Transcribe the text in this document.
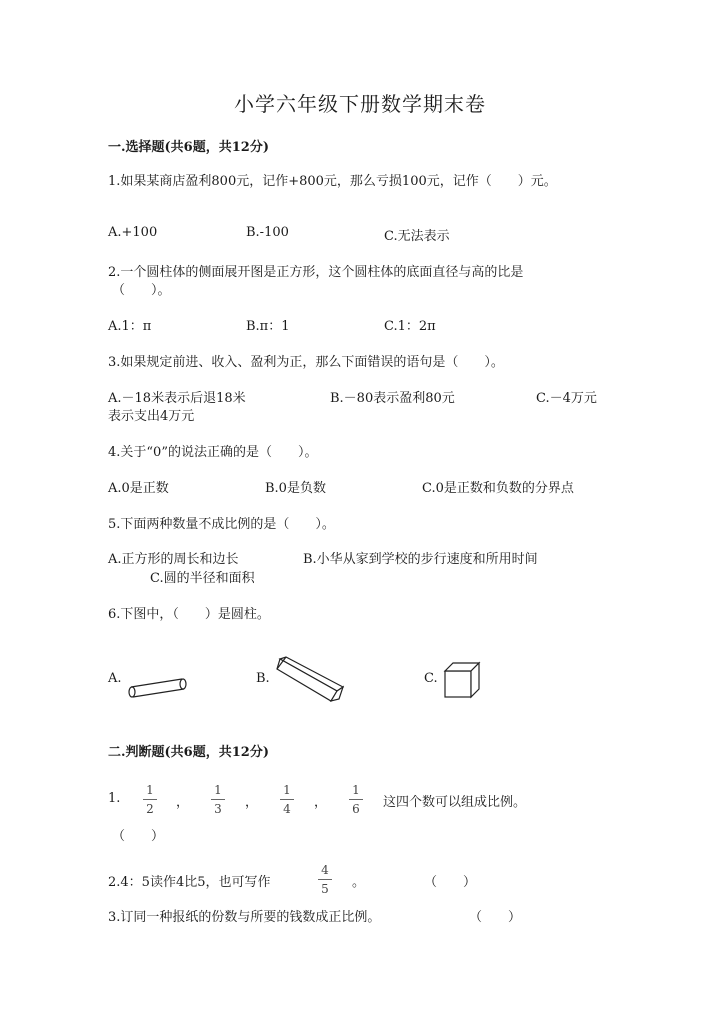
小学六年级下册数学期末卷
一.选择题(共6题，共12分)
1.如果某商店盈利800元，记作+800元，那么亏损100元，记作（　　）元。
A.+100	B.-100	C.无法表示
2.一个圆柱体的侧面展开图是正方形，这个圆柱体的底面直径与高的比是
（　　）。
A.1：π	B.π：1	C.1：2π
3.如果规定前进、收入、盈利为正，那么下面错误的语句是（　　）。
A.－18米表示后退18米	B.－80表示盈利80元	C.－4万元
表示支出4万元
4.关于“0”的说法正确的是（　　）。
A.0是正数	B.0是负数	C.0是正数和负数的分界点
5.下面两种数量不成比例的是（　　）。
A.正方形的周长和边长	B.小华从家到学校的步行速度和所用时间
C.圆的半径和面积
6.下图中，（　　）是圆柱。
A.	B.	C.
二.判断题(共6题，共12分)
1.
1
2	，
1
3	，
1
4	，
1
6	这四个数可以组成比例。
（　　）
2.4：5读作4比5，也可写作
4
5	。	（　　）
3.订同一种报纸的份数与所要的钱数成正比例。	（　　）
